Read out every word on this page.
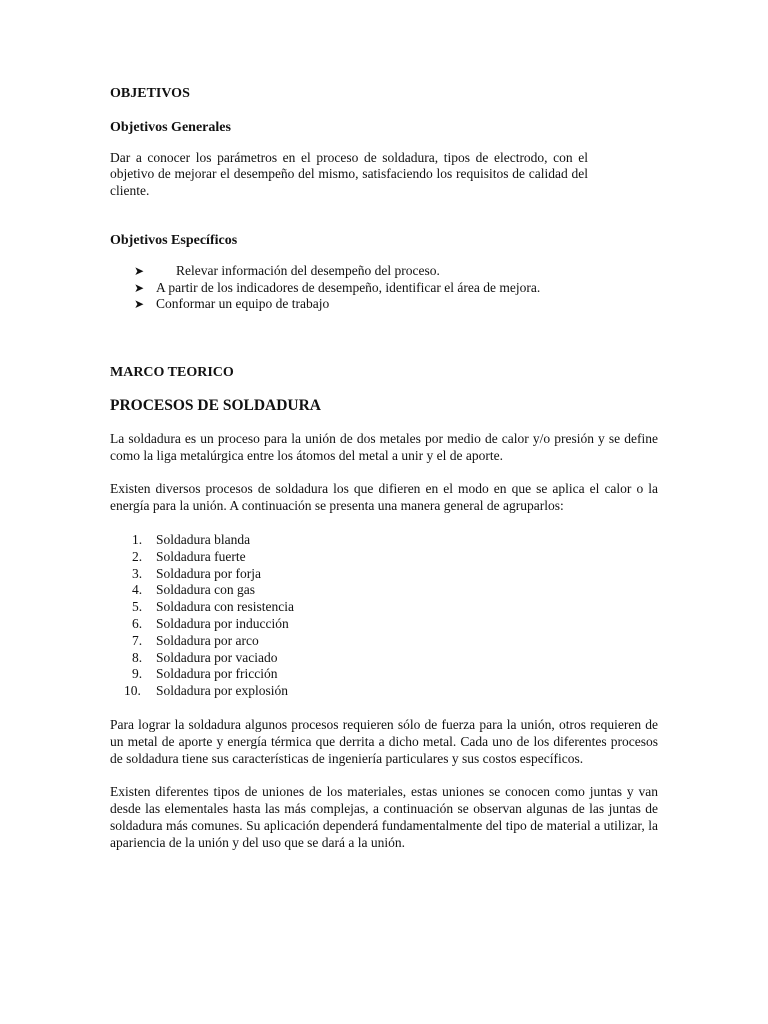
OBJETIVOS

Objetivos Generales

Dar a conocer los parámetros en el proceso de soldadura, tipos de electrodo, con el objetivo de mejorar el desempeño del mismo, satisfaciendo los requisitos de calidad del cliente.

Objetivos Específicos

➤ Relevar información del desempeño del proceso.
➤ A partir de los indicadores de desempeño, identificar el área de mejora.
➤ Conformar un equipo de trabajo

MARCO TEORICO

PROCESOS DE SOLDADURA

La soldadura es un proceso para la unión de dos metales por medio de calor y/o presión y se define como la liga metalúrgica entre los átomos del metal a unir y el de aporte.

Existen diversos procesos de soldadura los que difieren en el modo en que se aplica el calor o la energía para la unión. A continuación se presenta una manera general de agruparlos:

1. Soldadura blanda
2. Soldadura fuerte
3. Soldadura por forja
4. Soldadura con gas
5. Soldadura con resistencia
6. Soldadura por inducción
7. Soldadura por arco
8. Soldadura por vaciado
9. Soldadura por fricción
10. Soldadura por explosión

Para lograr la soldadura algunos procesos requieren sólo de fuerza para la unión, otros requieren de un metal de aporte y energía térmica que derrita a dicho metal. Cada uno de los diferentes procesos de soldadura tiene sus características de ingeniería particulares y sus costos específicos.

Existen diferentes tipos de uniones de los materiales, estas uniones se conocen como juntas y van desde las elementales hasta las más complejas, a continuación se observan algunas de las juntas de soldadura más comunes. Su aplicación dependerá fundamentalmente del tipo de material a utilizar, la apariencia de la unión y del uso que se dará a la unión.
